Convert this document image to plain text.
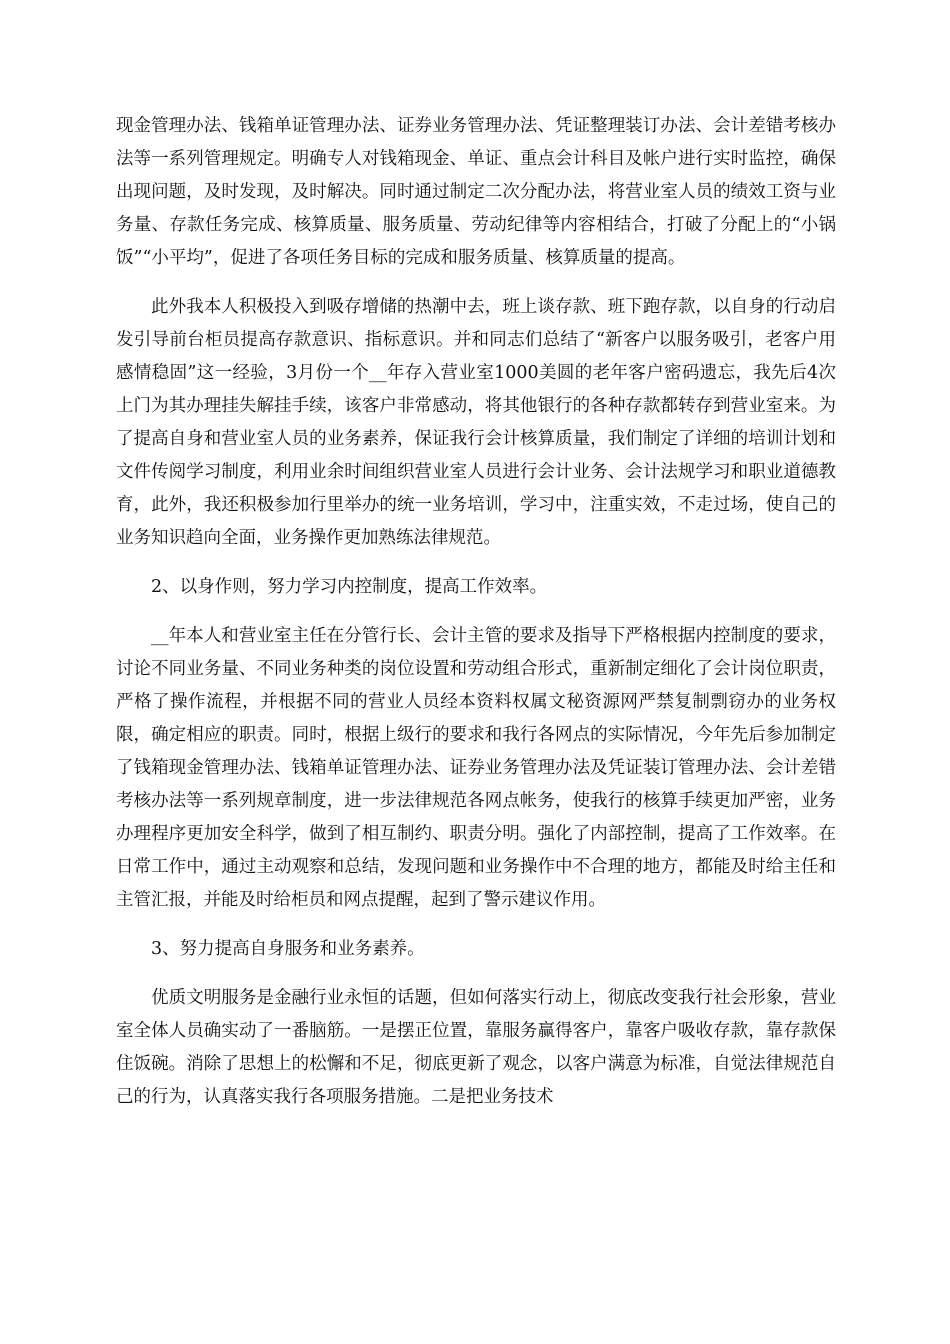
现金管理办法、钱箱单证管理办法、证券业务管理办法、凭证整理装订办法、会计差错考核办法等一系列管理规定。明确专人对钱箱现金、单证、重点会计科目及帐户进行实时监控，确保出现问题，及时发现，及时解决。同时通过制定二次分配办法，将营业室人员的绩效工资与业务量、存款任务完成、核算质量、服务质量、劳动纪律等内容相结合，打破了分配上的“小锅饭”“小平均”，促进了各项任务目标的完成和服务质量、核算质量的提高。

此外我本人积极投入到吸存增储的热潮中去，班上谈存款、班下跑存款，以自身的行动启发引导前台柜员提高存款意识、指标意识。并和同志们总结了“新客户以服务吸引，老客户用感情稳固”这一经验，3月份一个__年存入营业室1000美圆的老年客户密码遗忘，我先后4次上门为其办理挂失解挂手续，该客户非常感动，将其他银行的各种存款都转存到营业室来。为了提高自身和营业室人员的业务素养，保证我行会计核算质量，我们制定了详细的培训计划和文件传阅学习制度，利用业余时间组织营业室人员进行会计业务、会计法规学习和职业道德教育，此外，我还积极参加行里举办的统一业务培训，学习中，注重实效，不走过场，使自己的业务知识趋向全面，业务操作更加熟练法律规范。

2、以身作则，努力学习内控制度，提高工作效率。

__年本人和营业室主任在分管行长、会计主管的要求及指导下严格根据内控制度的要求，讨论不同业务量、不同业务种类的岗位设置和劳动组合形式，重新制定细化了会计岗位职责，严格了操作流程，并根据不同的营业人员经本资料权属文秘资源网严禁复制剽窃办的业务权限，确定相应的职责。同时，根据上级行的要求和我行各网点的实际情况，今年先后参加制定了钱箱现金管理办法、钱箱单证管理办法、证券业务管理办法及凭证装订管理办法、会计差错考核办法等一系列规章制度，进一步法律规范各网点帐务，使我行的核算手续更加严密，业务办理程序更加安全科学，做到了相互制约、职责分明。强化了内部控制，提高了工作效率。在日常工作中，通过主动观察和总结，发现问题和业务操作中不合理的地方，都能及时给主任和主管汇报，并能及时给柜员和网点提醒，起到了警示建议作用。

3、努力提高自身服务和业务素养。

优质文明服务是金融行业永恒的话题，但如何落实行动上，彻底改变我行社会形象，营业室全体人员确实动了一番脑筋。一是摆正位置，靠服务赢得客户，靠客户吸收存款，靠存款保住饭碗。消除了思想上的松懈和不足，彻底更新了观念，以客户满意为标准，自觉法律规范自己的行为，认真落实我行各项服务措施。二是把业务技术
